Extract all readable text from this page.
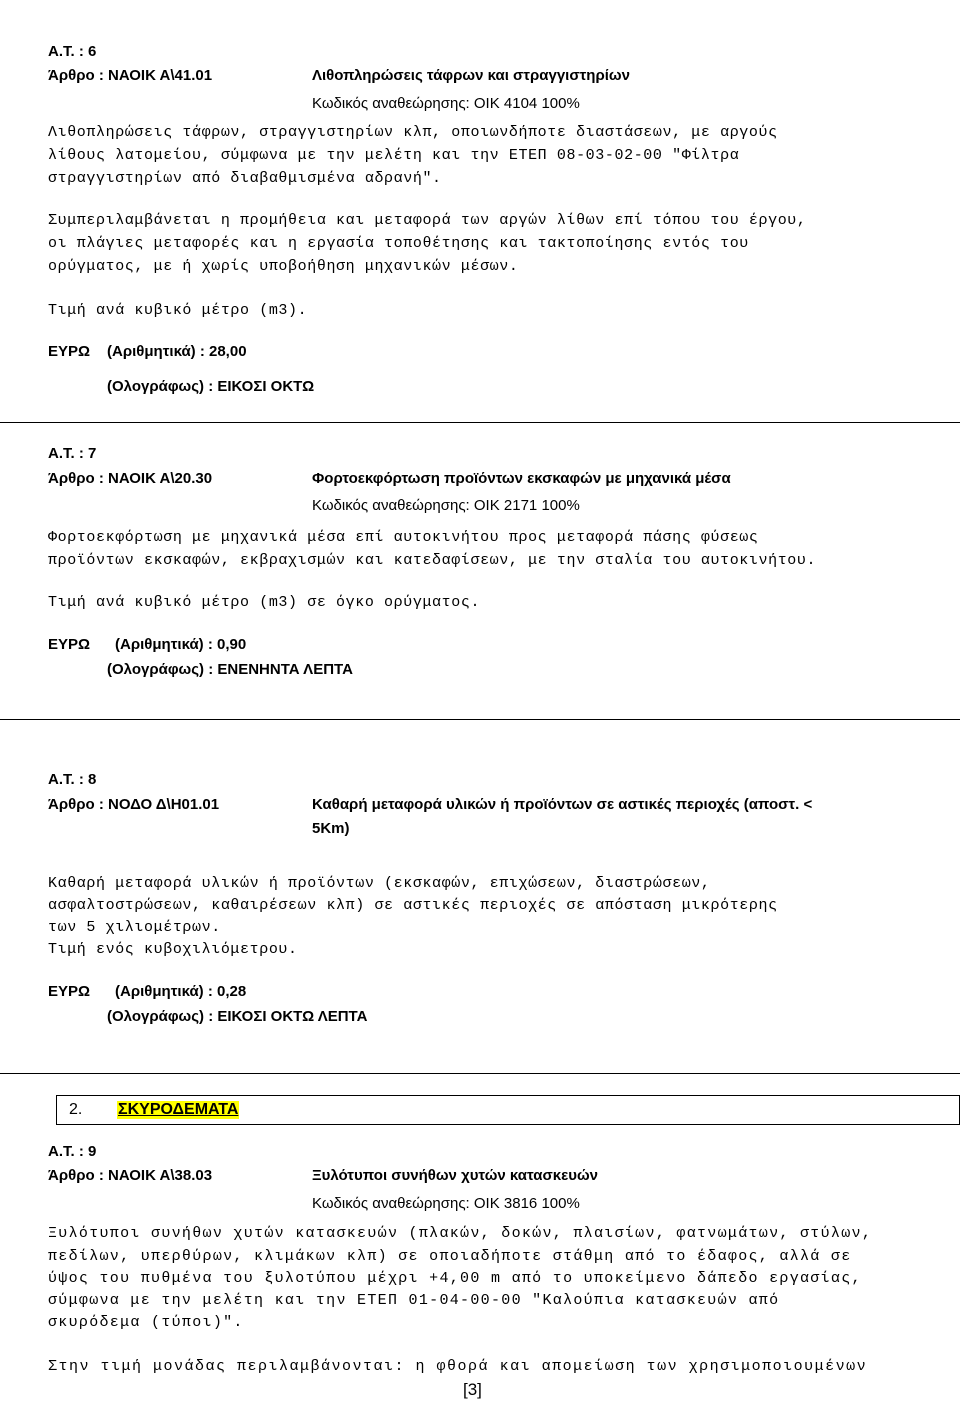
Α.Τ. : 6
Άρθρο : ΝΑΟΙΚ Α\41.01	Λιθοπληρώσεις τάφρων και στραγγιστηρίων
Κωδικός αναθεώρησης: ΟΙΚ 4104 100%
Λιθοπληρώσεις τάφρων, στραγγιστηρίων κλπ, οποιωνδήποτε διαστάσεων, με αργούς
λίθους λατομείου, σύμφωνα με την μελέτη και την ΕΤΕΠ 08-03-02-00 "Φίλτρα
στραγγιστηρίων από διαβαθμισμένα αδρανή".
Συμπεριλαμβάνεται η προμήθεια και μεταφορά των αργών λίθων επί τόπου του έργου,
οι πλάγιες μεταφορές και η εργασία τοποθέτησης και τακτοποίησης εντός του
ορύγματος, με ή χωρίς υποβοήθηση μηχανικών μέσων.
Τιμή ανά κυβικό μέτρο (m3).
ΕΥΡΩ (Αριθμητικά) : 28,00
(Ολογράφως) : ΕΙΚΟΣΙ ΟΚΤΩ
Α.Τ. : 7
Άρθρο : ΝΑΟΙΚ Α\20.30	Φορτοεκφόρτωση προϊόντων εκσκαφών με μηχανικά μέσα
Κωδικός αναθεώρησης: ΟΙΚ 2171 100%
Φορτοεκφόρτωση με μηχανικά μέσα επί αυτοκινήτου προς μεταφορά πάσης φύσεως
προϊόντων εκσκαφών, εκβραχισμών και κατεδαφίσεων, με την σταλία του αυτοκινήτου.
Τιμή ανά κυβικό μέτρο (m3) σε όγκο ορύγματος.
ΕΥΡΩ (Αριθμητικά) : 0,90
(Ολογράφως) : ΕΝΕΝΗΝΤΑ ΛΕΠΤΑ
Α.Τ. : 8
Άρθρο : ΝΟΔΟ Δ\Η01.01	Καθαρή μεταφορά υλικών ή προϊόντων σε αστικές περιοχές (αποστ. <
5Km)
Καθαρή μεταφορά υλικών ή προϊόντων (εκσκαφών, επιχώσεων, διαστρώσεων,
ασφαλτοστρώσεων, καθαιρέσεων κλπ) σε αστικές περιοχές σε απόσταση μικρότερης
των 5 χιλιομέτρων.
Τιμή ενός κυβοχιλιόμετρου.
ΕΥΡΩ (Αριθμητικά) : 0,28
(Ολογράφως) : ΕΙΚΟΣΙ ΟΚΤΩ ΛΕΠΤΑ
2. ΣΚΥΡΟΔΕΜΑΤΑ
Α.Τ. : 9
Άρθρο : ΝΑΟΙΚ Α\38.03	Ξυλότυποι συνήθων χυτών κατασκευών
Κωδικός αναθεώρησης: ΟΙΚ 3816 100%
Ξυλότυποι συνήθων χυτών κατασκευών (πλακών, δοκών, πλαισίων, φατνωμάτων, στύλων,
πεδίλων, υπερθύρων, κλιμάκων κλπ) σε οποιαδήποτε στάθμη από το έδαφος, αλλά σε
ύψος του πυθμένα του ξυλοτύπου μέχρι +4,00 m από το υποκείμενο δάπεδο εργασίας,
σύμφωνα με την μελέτη και την ΕΤΕΠ 01-04-00-00 "Καλούπια κατασκευών από
σκυρόδεμα (τύποι)".
Στην τιμή μονάδας περιλαμβάνονται: η φθορά και απομείωση των χρησιμοποιουμένων
[3]
